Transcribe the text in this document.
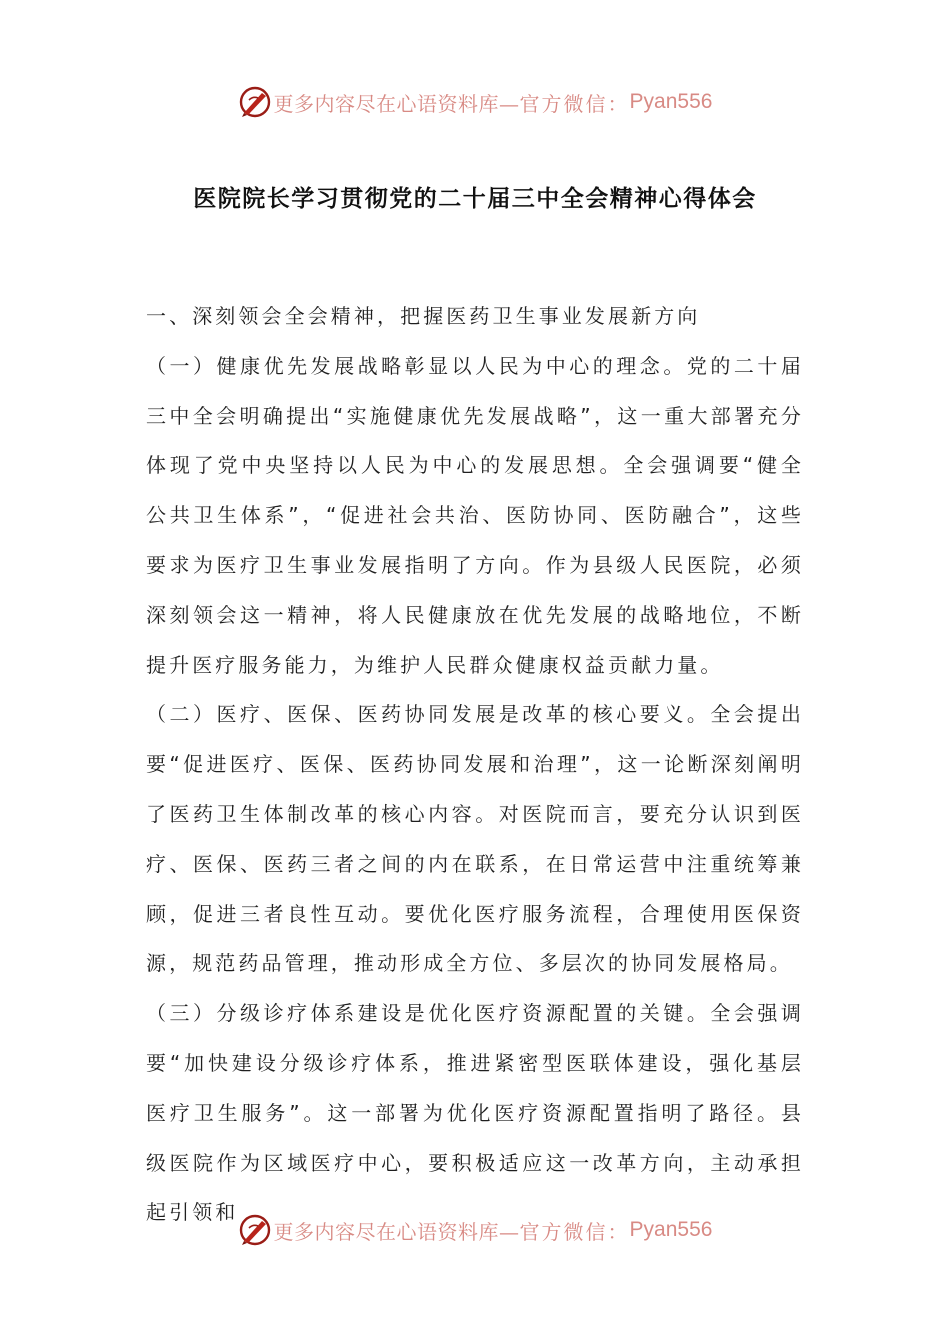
更多内容尽在心语资料库— 官方微信： Pyan556
医院院长学习贯彻党的二十届三中全会精神心得体会

一、深刻领会全会精神，把握医药卫生事业发展新方向

（一）健康优先发展战略彰显以人民为中心的理念。党的二十届三中全会明确提出“实施健康优先发展战略”，这一重大部署充分体现了党中央坚持以人民为中心的发展思想。全会强调要“健全公共卫生体系”，“促进社会共治、医防协同、医防融合”，这些要求为医疗卫生事业发展指明了方向。作为县级人民医院，必须深刻领会这一精神，将人民健康放在优先发展的战略地位，不断提升医疗服务能力，为维护人民群众健康权益贡献力量。

（二）医疗、医保、医药协同发展是改革的核心要义。全会提出要“促进医疗、医保、医药协同发展和治理”，这一论断深刻阐明了医药卫生体制改革的核心内容。对医院而言，要充分认识到医疗、医保、医药三者之间的内在联系，在日常运营中注重统筹兼顾，促进三者良性互动。要优化医疗服务流程，合理使用医保资源，规范药品管理，推动形成全方位、多层次的协同发展格局。

（三）分级诊疗体系建设是优化医疗资源配置的关键。全会强调要“加快建设分级诊疗体系，推进紧密型医联体建设，强化基层医疗卫生服务”。这一部署为优化医疗资源配置指明了路径。县级医院作为区域医疗中心，要积极适应这一改革方向，主动承担起引领和

更多内容尽在心语资料库— 官方微信： Pyan556
